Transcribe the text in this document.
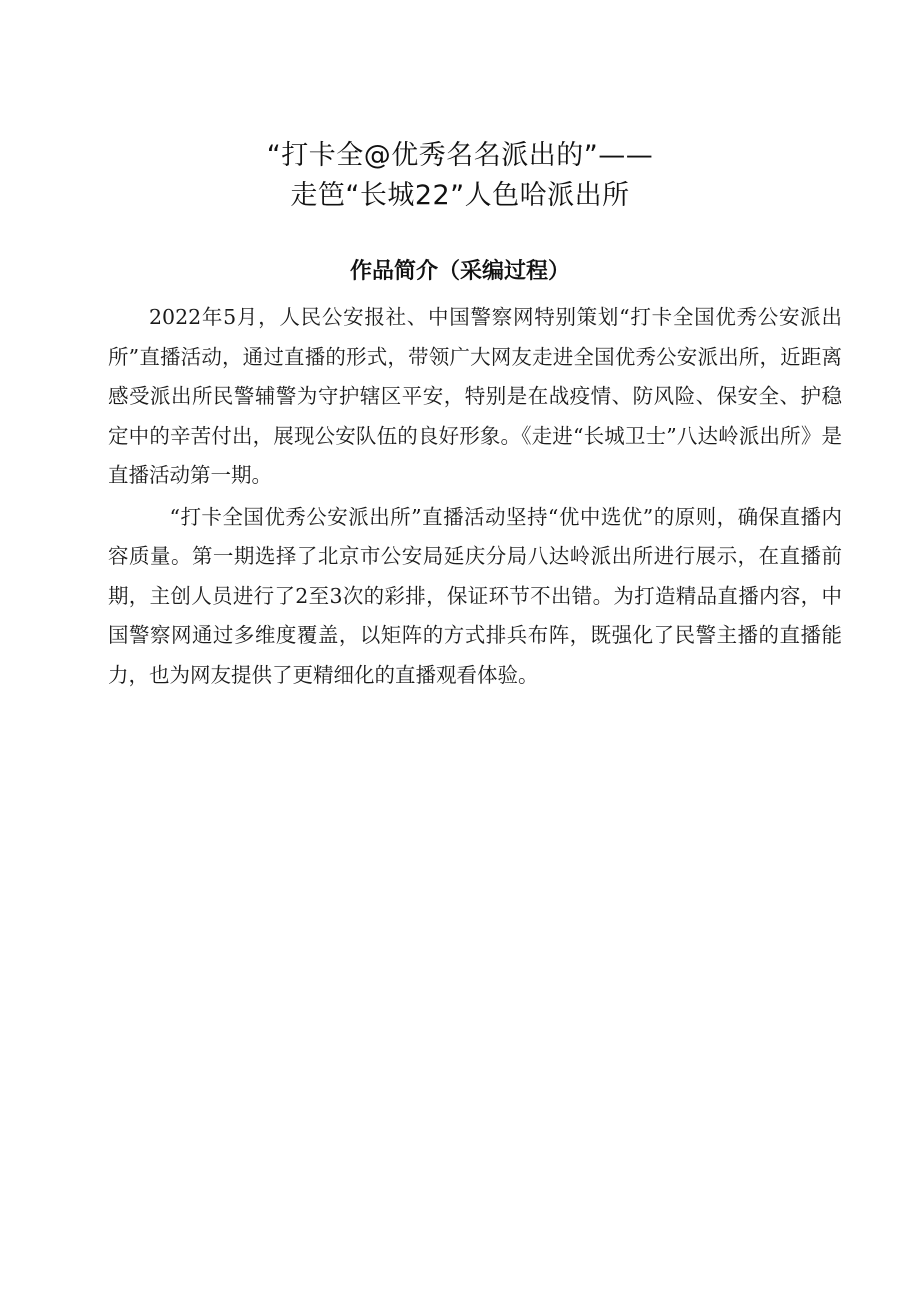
“打卡全@优秀名名派出的”——
走笆“长城22”人色哈派出所
作品简介（采编过程）

2022年5月，人民公安报社、中国警察网特别策划“打卡全国优秀公安派出所”直播活动，通过直播的形式，带领广大网友走进全国优秀公安派出所，近距离感受派出所民警辅警为守护辖区平安，特别是在战疫情、防风险、保安全、护稳定中的辛苦付出，展现公安队伍的良好形象。《走进“长城卫士”八达岭派出所》是直播活动第一期。

“打卡全国优秀公安派出所”直播活动坚持“优中选优”的原则，确保直播内容质量。第一期选择了北京市公安局延庆分局八达岭派出所进行展示，在直播前期，主创人员进行了2至3次的彩排，保证环节不出错。为打造精品直播内容，中国警察网通过多维度覆盖，以矩阵的方式排兵布阵，既强化了民警主播的直播能力，也为网友提供了更精细化的直播观看体验。
